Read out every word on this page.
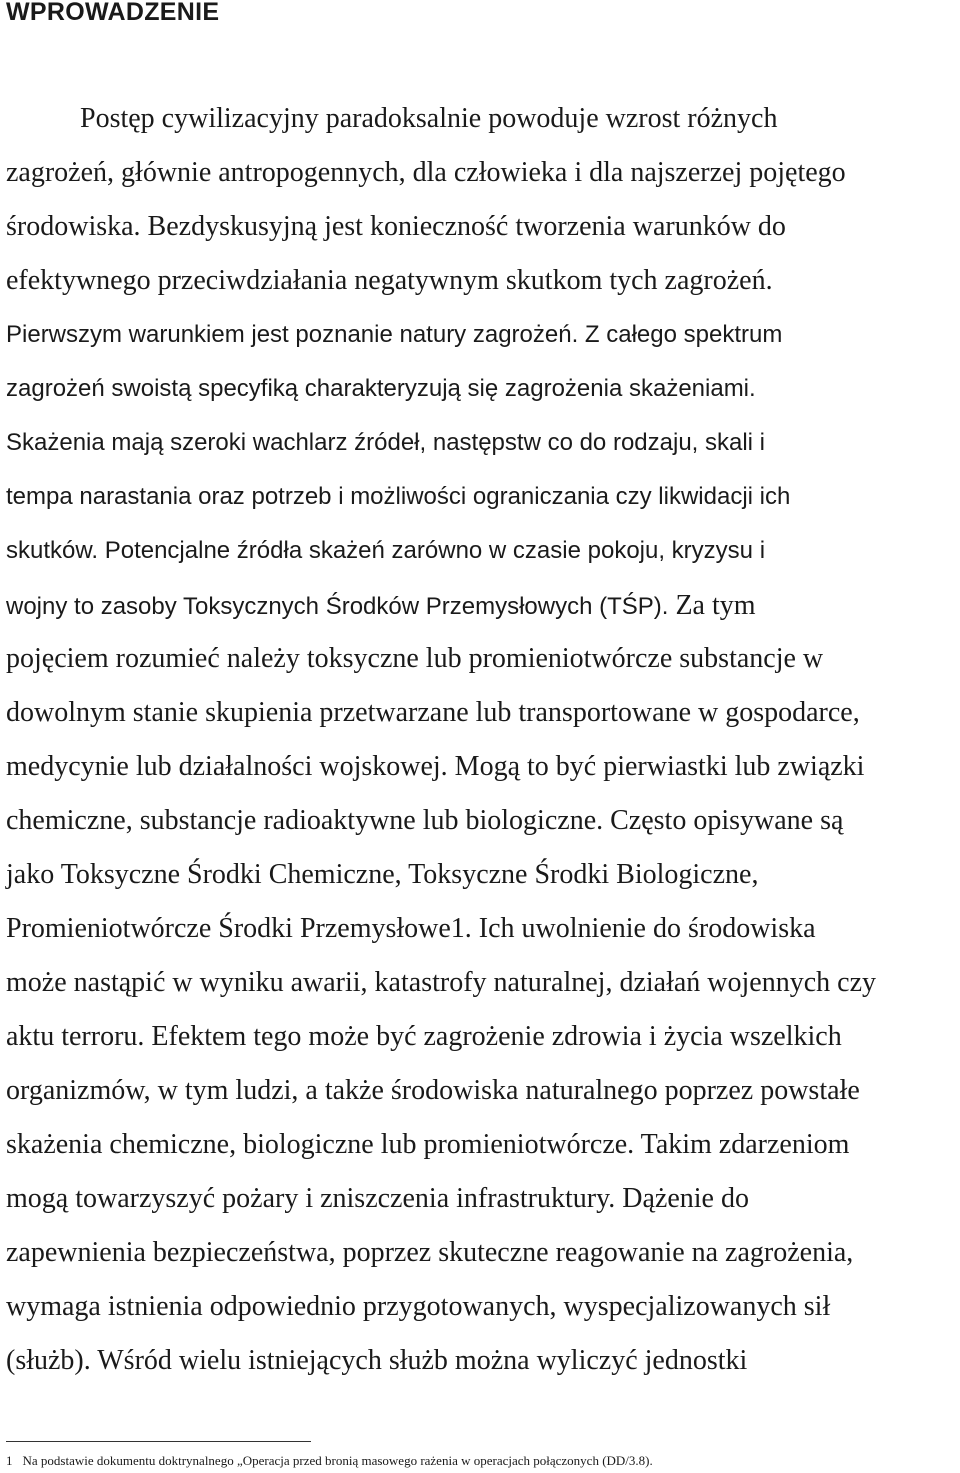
WPROWADZENIE
Postęp cywilizacyjny paradoksalnie powoduje wzrost różnych
zagrożeń, głównie antropogennych, dla człowieka i dla najszerzej pojętego
środowiska. Bezdyskusyjną jest konieczność tworzenia warunków do
efektywnego przeciwdziałania negatywnym skutkom tych zagrożeń.
Pierwszym warunkiem jest poznanie natury zagrożeń. Z całego spektrum
zagrożeń swoistą specyfiką charakteryzują się zagrożenia skażeniami.
Skażenia mają szeroki wachlarz źródeł, następstw co do rodzaju, skali i
tempa narastania oraz potrzeb i możliwości ograniczania czy likwidacji ich
skutków. Potencjalne źródła skażeń zarówno w czasie pokoju, kryzysu i
wojny to zasoby Toksycznych Środków Przemysłowych (TŚP). Za tym
pojęciem rozumieć należy toksyczne lub promieniotwórcze substancje w
dowolnym stanie skupienia przetwarzane lub transportowane w gospodarce,
medycynie lub działalności wojskowej. Mogą to być pierwiastki lub związki
chemiczne, substancje radioaktywne lub biologiczne. Często opisywane są
jako Toksyczne Środki Chemiczne, Toksyczne Środki Biologiczne,
Promieniotwórcze Środki Przemysłowe1. Ich uwolnienie do środowiska
może nastąpić w wyniku awarii, katastrofy naturalnej, działań wojennych czy
aktu terroru. Efektem tego może być zagrożenie zdrowia i życia wszelkich
organizmów, w tym ludzi, a także środowiska naturalnego poprzez powstałe
skażenia chemiczne, biologiczne lub promieniotwórcze. Takim zdarzeniom
mogą towarzyszyć pożary i zniszczenia infrastruktury. Dążenie do
zapewnienia bezpieczeństwa, poprzez skuteczne reagowanie na zagrożenia,
wymaga istnienia odpowiednio przygotowanych, wyspecjalizowanych sił
(służb). Wśród wielu istniejących służb można wyliczyć jednostki
1 Na podstawie dokumentu doktrynalnego „Operacja przed bronią masowego rażenia w operacjach połączonych (DD/3.8).
